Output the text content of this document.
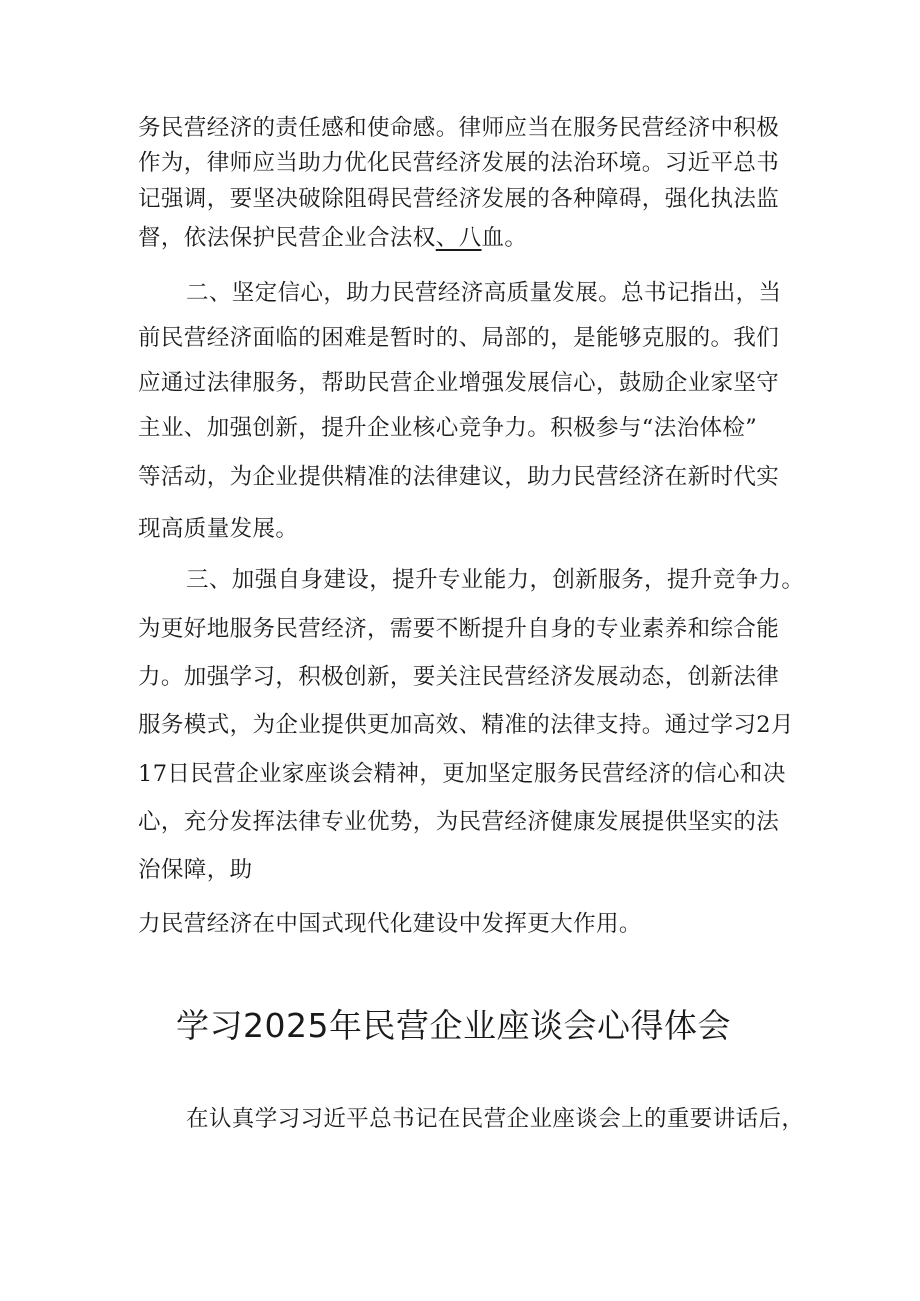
务民营经济的责任感和使命感。律师应当在服务民营经济中积极
作为，律师应当助力优化民营经济发展的法治环境。习近平总书
记强调，要坚决破除阻碍民营经济发展的各种障碍，强化执法监
督，依法保护民营企业合法权、八血。
二、坚定信心，助力民营经济高质量发展。总书记指出，当
前民营经济面临的困难是暂时的、局部的，是能够克服的。我们
应通过法律服务，帮助民营企业增强发展信心，鼓励企业家坚守
主业、加强创新，提升企业核心竞争力。积极参与“法治体检”
等活动，为企业提供精准的法律建议，助力民营经济在新时代实
现高质量发展。
三、加强自身建设，提升专业能力，创新服务，提升竞争力。
为更好地服务民营经济，需要不断提升自身的专业素养和综合能
力。加强学习，积极创新，要关注民营经济发展动态，创新法律
服务模式，为企业提供更加高效、精准的法律支持。通过学习2月
17日民营企业家座谈会精神，更加坚定服务民营经济的信心和决
心，充分发挥法律专业优势，为民营经济健康发展提供坚实的法
治保障，助
力民营经济在中国式现代化建设中发挥更大作用。
学习2025年民营企业座谈会心得体会
在认真学习习近平总书记在民营企业座谈会上的重要讲话后，
